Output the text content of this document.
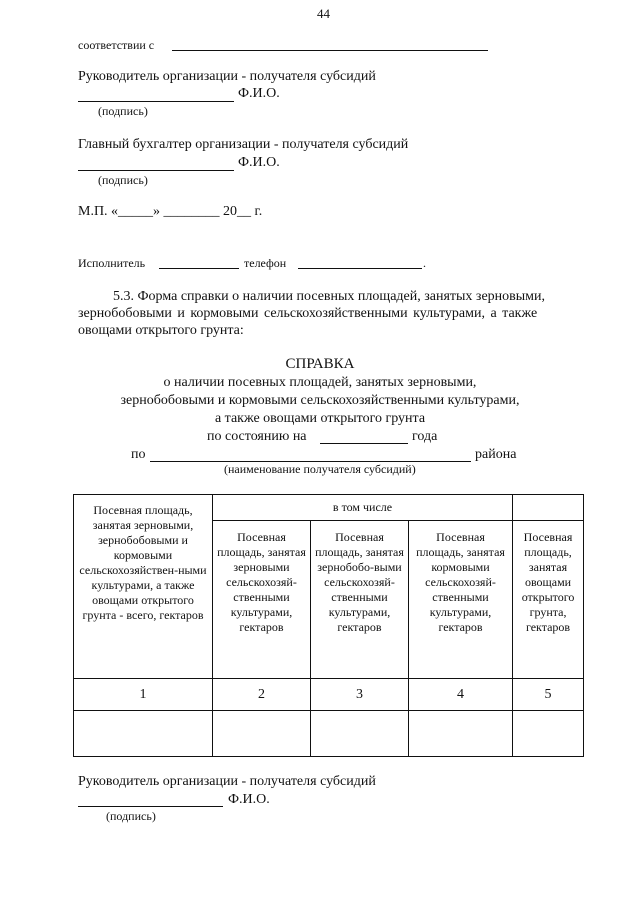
44
соответствии с
Руководитель организации - получателя субсидий
Ф.И.О.
(подпись)
Главный бухгалтер организации - получателя субсидий
Ф.И.О.
(подпись)
М.П. «_____» ________ 20__ г.
Исполнитель	телефон	.
5.3. Форма справки о наличии посевных площадей, занятых зерновыми,
зернобобовыми и кормовыми сельскохозяйственными культурами, а также
овощами открытого грунта:
СПРАВКА
о наличии посевных площадей, занятых зерновыми,
зернобобовыми и кормовыми сельскохозяйственными культурами,
а также овощами открытого грунта
по состоянию на	года
по	района
(наименование получателя субсидий)
Посевная площадь, занятая зерновыми, зернобобовыми и кормовыми сельскохозяйствен-ными культурами, а также овощами открытого грунта - всего, гектаров	в том числе			
	Посевная площадь, занятая зерновыми сельскохозяй-ственными культурами, гектаров	Посевная площадь, занятая зернобобо-выми сельскохозяй-ственными культурами, гектаров	Посевная площадь, занятая кормовыми сельскохозяй-ственными культурами, гектаров	Посевная площадь, занятая овощами открытого грунта, гектаров
1	2	3	4	5

Руководитель организации - получателя субсидий
Ф.И.О.
(подпись)
